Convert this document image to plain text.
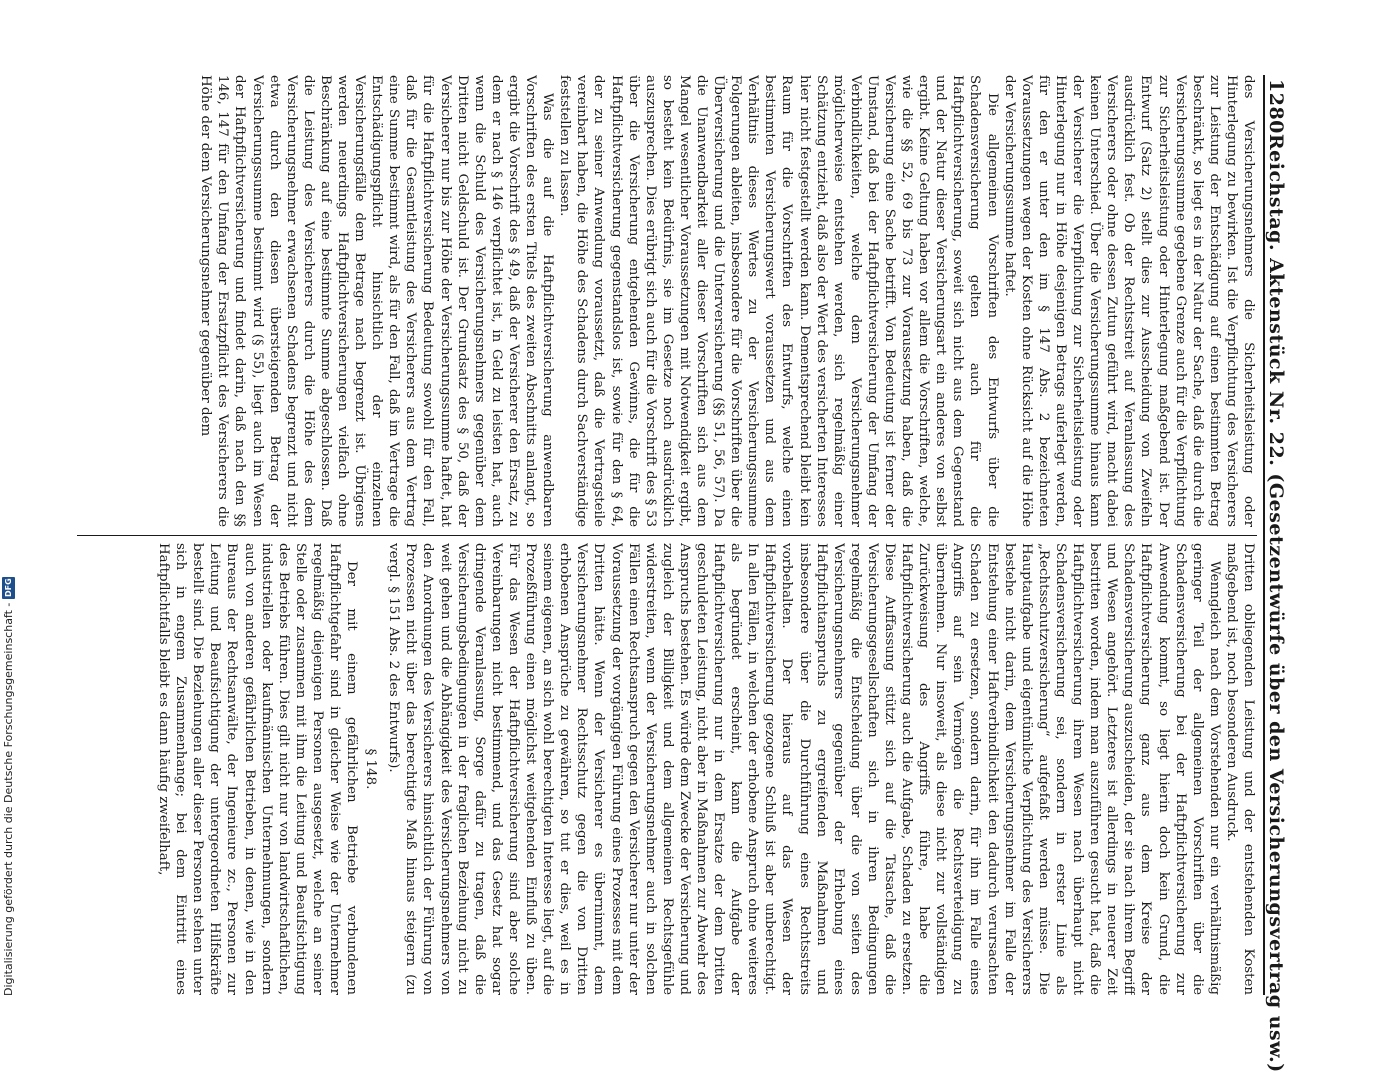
1280
Reichstag. Aktenstück Nr. 22. (Gesetzentwürfe über den Versicherungsvertrag usw.)

des Versicherungsnehmers die Sicherheitsleistung oder Hinterlegung zu bewirken. Ist die Verpflichtung des Versicherers zur Leistung der Entschädigung auf einen bestimmten Betrag beschränkt, so liegt es in der Natur der Sache, daß die durch die Versicherungssumme gegebene Grenze auch für die Verpflichtung zur Sicherheitsleistung oder Hinterlegung maßgebend ist. Der Entwurf (Satz 2) stellt dies zur Ausscheidung von Zweifeln ausdrücklich fest. Ob der Rechtsstreit auf Veranlassung des Versicherers oder ohne dessen Zutun geführt wird, macht dabei keinen Unterschied. Über die Versicherungssumme hinaus kann der Versicherer die Verpflichtung zur Sicherheitsleistung oder Hinterlegung nur in Höhe desjenigen Betrags auferlegt werden, für den er unter den im § 147 Abs. 2 bezeichneten Voraussetzungen wegen der Kosten ohne Rücksicht auf die Höhe der Versicherungssumme haftet.

Die allgemeinen Vorschriften des Entwurfs über die Schadensversicherung gelten auch für die Haftpflichtversicherung, soweit sich nicht aus dem Gegenstand und der Natur dieser Versicherungsart ein anderes von selbst ergibt. Keine Geltung haben vor allem die Vorschriften, welche, wie die §§ 52, 69 bis 73 zur Voraussetzung haben, daß die Versicherung eine Sache betrifft. Von Bedeutung ist ferner der Umstand, daß bei der Haftpflichtversicherung der Umfang der Verbindlichkeiten, welche dem Versicherungsnehmer möglicherweise entstehen werden, sich regelmäßig einer Schätzung entzieht, daß also der Wert des versicherten Interesses hier nicht festgestellt werden kann. Dementsprechend bleibt kein Raum für die Vorschriften des Entwurfs, welche einen bestimmten Versicherungswert voraussetzen und aus dem Verhältnis dieses Wertes zu der Versicherungssumme Folgerungen ableiten, insbesondere für die Vorschriften über die Überversicherung und die Unterversicherung (§§ 51, 56, 57). Da die Unanwendbarkeit aller dieser Vorschriften sich aus dem Mangel wesentlicher Voraussetzungen mit Notwendigkeit ergibt, so besteht kein Bedürfnis, sie im Gesetze noch ausdrücklich auszusprechen. Dies erübrigt sich auch für die Vorschrift des § 53 über die Versicherung entgehenden Gewinns, die für die Haftpflichtversicherung gegenstandslos ist, sowie für den § 64, der zu seiner Anwendung voraussetzt, daß die Vertragsteile vereinbart haben, die Höhe des Schadens durch Sachverständige feststellen zu lassen.

Was die auf die Haftpflichtversicherung anwendbaren Vorschriften des ersten Titels des zweiten Abschnitts anlangt, so ergibt die Vorschrift des § 49, daß der Versicherer den Ersatz, zu dem er nach § 146 verpflichtet ist, in Geld zu leisten hat, auch wenn die Schuld des Versicherungsnehmers gegenüber dem Dritten nicht Geldschuld ist. Der Grundsatz des § 50, daß der Versicherer nur bis zur Höhe der Versicherungssumme haftet, hat für die Haftpflichtversicherung Bedeutung sowohl für den Fall, daß für die Gesamtleistung des Versicherers aus dem Vertrag eine Summe bestimmt wird, als für den Fall, daß im Vertrage die Entschädigungspflicht hinsichtlich der einzelnen Versicherungsfälle dem Betrage nach begrenzt ist. Übrigens werden neuerdings Haftpflichtversicherungen vielfach ohne Beschränkung auf eine bestimmte Summe abgeschlossen. Daß die Leistung des Versicherers durch die Höhe des dem Versicherungsnehmer erwachsenen Schadens begrenzt und nicht etwa durch den diesen übersteigenden Betrag der Versicherungssumme bestimmt wird (§ 55), liegt auch im Wesen der Haftpflichtversicherung und findet darin, daß nach den §§ 146, 147 für den Umfang der Ersatzpflicht des Versicherers die Höhe der dem Versicherungsnehmer gegenüber dem

Dritten obliegenden Leistung und der entstehenden Kosten maßgebend ist, noch besonderen Ausdruck.

Wenngleich nach dem Vorstehenden nur ein verhältnismäßig geringer Teil der allgemeinen Vorschriften über die Schadensversicherung bei der Haftpflichtversicherung zur Anwendung kommt, so liegt hierin doch kein Grund, die Haftpflichtversicherung ganz aus dem Kreise der Schadensversicherung auszuscheiden, der sie nach ihrem Begriff und Wesen angehört. Letzteres ist allerdings in neuerer Zeit bestritten worden, indem man auszuführen gesucht hat, daß die Haftpflichtversicherung ihrem Wesen nach überhaupt nicht Schadensversicherung sei, sondern in erster Linie als „Rechtsschutzversicherung“ aufgefaßt werden müsse. Die Hauptaufgabe und eigentümliche Verpflichtung des Versicherers bestehe nicht darin, dem Versicherungsnehmer im Falle der Entstehung einer Haftverbindlichkeit den dadurch verursachten Schaden zu ersetzen, sondern darin, für ihn im Falle eines Angriffs auf sein Vermögen die Rechtsverteidigung zu übernehmen. Nur insoweit, als diese nicht zur vollständigen Zurückweisung des Angriffs führe, habe die Haftpflichtversicherung auch die Aufgabe, Schaden zu ersetzen. Diese Auffassung stützt sich auf die Tatsache, daß die Versicherungsgesellschaften sich in ihren Bedingungen regelmäßig die Entscheidung über die von seiten des Versicherungsnehmers gegenüber der Erhebung eines Haftpflichtanspruchs zu ergreifenden Maßnahmen und insbesondere über die Durchführung eines Rechtsstreits vorbehalten. Der hieraus auf das Wesen der Haftpflichtversicherung gezogene Schluß ist aber unberechtigt. In allen Fällen, in welchen der erhobene Anspruch ohne weiteres als begründet erscheint, kann die Aufgabe der Haftpflichtversicherung nur in dem Ersatze der dem Dritten geschuldeten Leistung, nicht aber in Maßnahmen zur Abwehr des Anspruchs bestehen. Es würde dem Zwecke der Versicherung und zugleich der Billigkeit und dem allgemeinen Rechtsgefühle widerstreiten, wenn der Versicherungsnehmer auch in solchen Fällen einen Rechtsanspruch gegen den Versicherer nur unter der Voraussetzung der vorgängigen Führung eines Prozesses mit dem Dritten hätte. Wenn der Versicherer es übernimmt, dem Versicherungsnehmer Rechtsschutz gegen die von Dritten erhobenen Ansprüche zu gewähren, so tut er dies, weil es in seinem eigenen, an sich wohl berechtigten Interesse liegt, auf die Prozeßführung einen möglichst weitgehenden Einfluß zu üben. Für das Wesen der Haftpflichtversicherung sind aber solche Vereinbarungen nicht bestimmend, und das Gesetz hat sogar dringende Veranlassung, Sorge dafür zu tragen, daß die Versicherungsbedingungen in der fraglichen Beziehung nicht zu weit gehen und die Abhängigkeit des Versicherungsnehmers von den Anordnungen des Versicherers hinsichtlich der Führung von Prozessen nicht über das berechtigte Maß hinaus steigern (zu vergl. § 151 Abs. 2 des Entwurfs).

§ 148.

Der mit einem gefährlichen Betriebe verbundenen Haftpflichtgefahr sind in gleicher Weise wie der Unternehmer regelmäßig diejenigen Personen ausgesetzt, welche an seiner Stelle oder zusammen mit ihm die Leitung und Beaufsichtigung des Betriebs führen. Dies gilt nicht nur von landwirtschaftlichen, industriellen oder kaufmännischen Unternehmungen, sondern auch von anderen gefährlichen Betrieben, in denen, wie in den Bureaus der Rechtsanwälte, der Ingenieure zc., Personen zur Leitung und Beaufsichtigung der untergeordneten Hilfskräfte bestellt sind. Die Beziehungen aller dieser Personen stehen unter sich in engem Zusammenhange; bei dem Eintritt eines Haftpflichtfalls bleibt es dann häufig zweifelhaft,

Digitalisierung gefördert durch die Deutsche Forschungsgemeinschaft -
DFG
